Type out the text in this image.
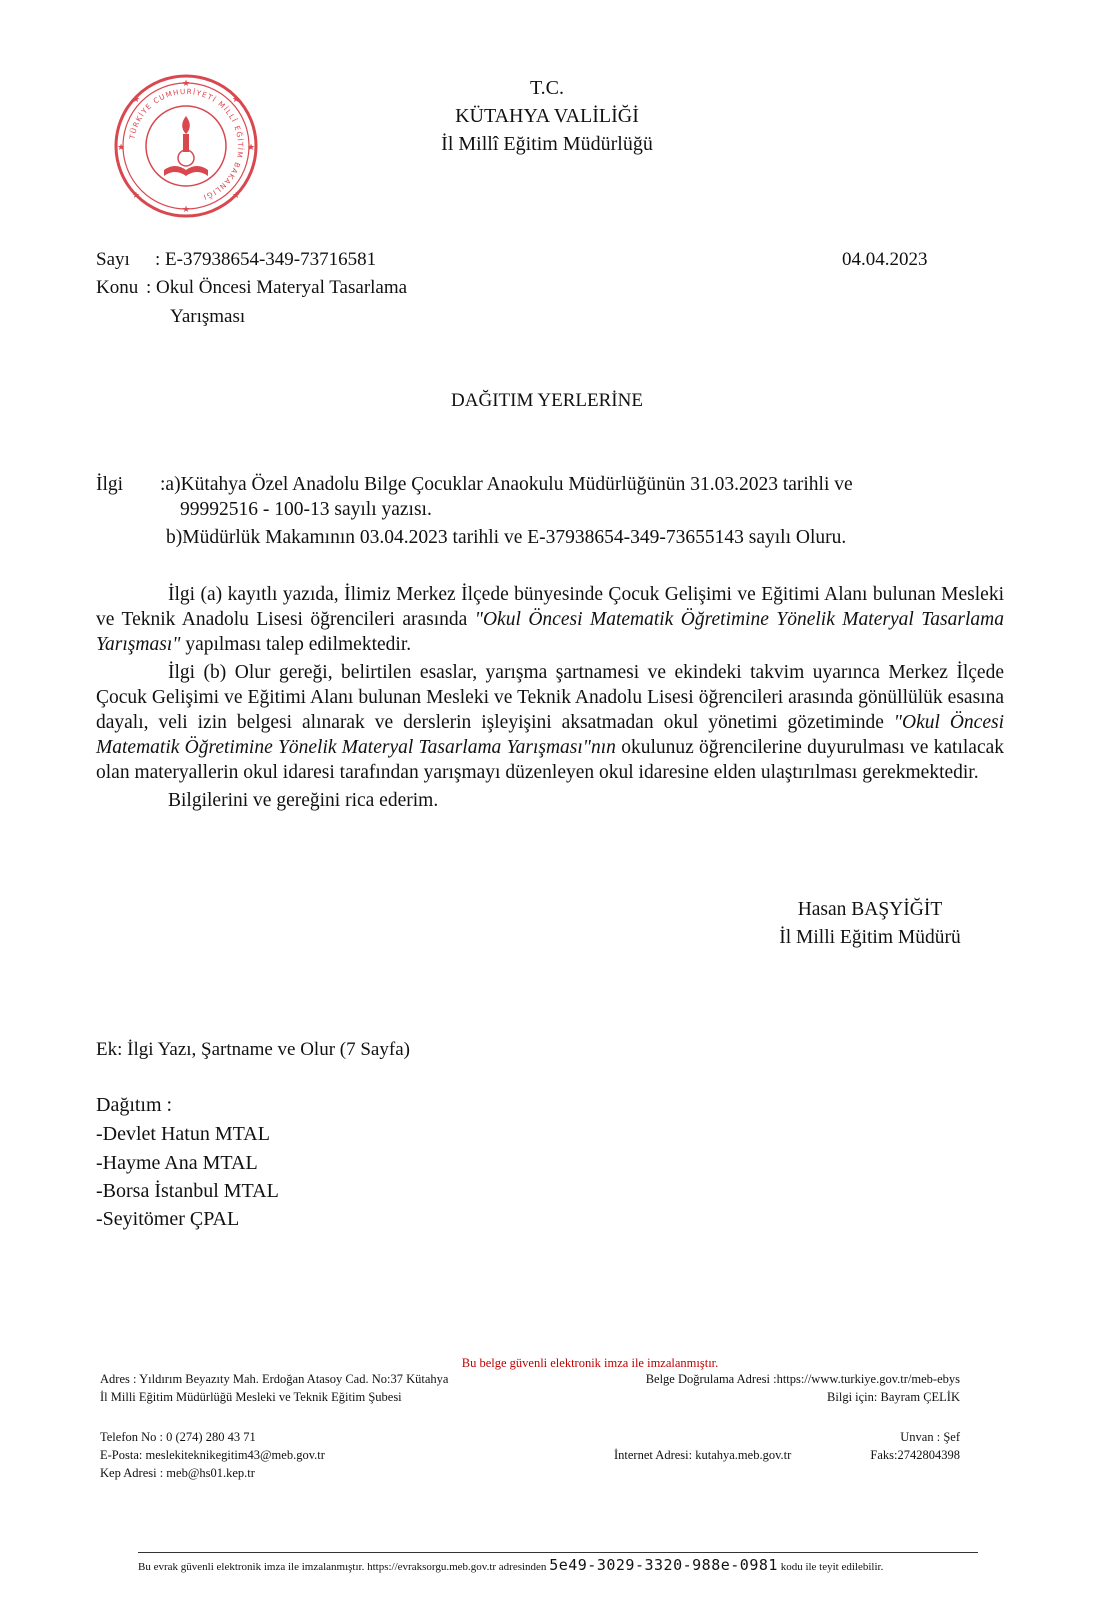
★
★
★	★
★	★
★	★
TÜRKİYE CUMHURİYETİ MİLLÎ EĞİTİM BAKANLIĞI
T.C.
KÜTAHYA VALİLİĞİ
İl Millî Eğitim Müdürlüğü
Sayı : E-37938654-349-73716581	04.04.2023
Konu : Okul Öncesi Materyal Tasarlama
Yarışması
DAĞITIM YERLERİNE
İlgi :a)Kütahya Özel Anadolu Bilge Çocuklar Anaokulu Müdürlüğünün 31.03.2023 tarihli ve
99992516 - 100-13 sayılı yazısı.
b)Müdürlük Makamının 03.04.2023 tarihli ve E-37938654-349-73655143 sayılı Oluru.

İlgi (a) kayıtlı yazıda, İlimiz Merkez İlçede bünyesinde Çocuk Gelişimi ve Eğitimi Alanı bulunan Mesleki ve Teknik Anadolu Lisesi öğrencileri arasında "Okul Öncesi Matematik Öğretimine Yönelik Materyal Tasarlama Yarışması" yapılması talep edilmektedir.

İlgi (b) Olur gereği, belirtilen esaslar, yarışma şartnamesi ve ekindeki takvim uyarınca Merkez İlçede Çocuk Gelişimi ve Eğitimi Alanı bulunan Mesleki ve Teknik Anadolu Lisesi öğrencileri arasında gönüllülük esasına dayalı, veli izin belgesi alınarak ve derslerin işleyişini aksatmadan okul yönetimi gözetiminde "Okul Öncesi Matematik Öğretimine Yönelik Materyal Tasarlama Yarışması"nın okulunuz öğrencilerine duyurulması ve katılacak olan materyallerin okul idaresi tarafından yarışmayı düzenleyen okul idaresine elden ulaştırılması gerekmektedir.

Bilgilerini ve gereğini rica ederim.

Hasan BAŞYİĞİT
İl Milli Eğitim Müdürü
Ek: İlgi Yazı, Şartname ve Olur (7 Sayfa)
Dağıtım :
-Devlet Hatun MTAL
-Hayme Ana MTAL
-Borsa İstanbul MTAL
-Seyitömer ÇPAL
Bu belge güvenli elektronik imza ile imzalanmıştır.
Adres : Yıldırım Beyazıty Mah. Erdoğan Atasoy Cad. No:37 Kütahya
İl Milli Eğitim Müdürlüğü Mesleki ve Teknik Eğitim Şubesi
Belge Doğrulama Adresi :https://www.turkiye.gov.tr/meb-ebys
Bilgi için: Bayram ÇELİK
Telefon No : 0 (274) 280 43 71
E-Posta: meslekiteknikegitim43@meb.gov.tr
Kep Adresi : meb@hs01.kep.tr
İnternet Adresi: kutahya.meb.gov.tr
Unvan : Şef
Faks:2742804398
Bu evrak güvenli elektronik imza ile imzalanmıştır. https://evraksorgu.meb.gov.tr adresinden 5e49-3029-3320-988e-0981 kodu ile teyit edilebilir.
